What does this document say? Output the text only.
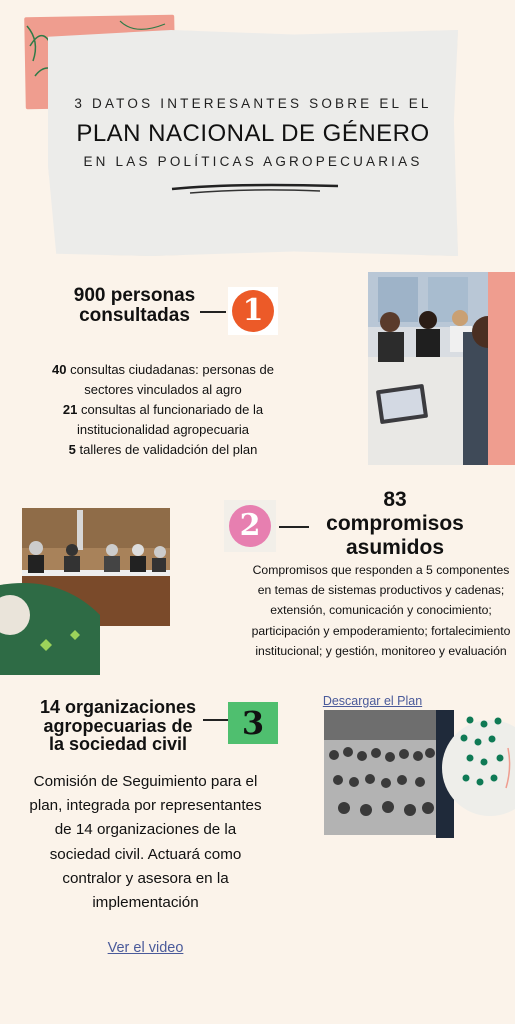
3 DATOS INTERESANTES SOBRE EL EL
PLAN NACIONAL DE GÉNERO
EN LAS POLÍTICAS AGROPECUARIAS
900 personas
consultadas	1
40 consultas ciudadanas: personas de sectores vinculados al agro
21 consultas al funcionariado de la institucionalidad agropecuaria
5 talleres de validadción del plan
2
83
compromisos
asumidos
Compromisos que responden a 5 componentes en temas de sistemas productivos y cadenas; extensión, comunicación y conocimiento; participación y empoderamiento; fortalecimiento institucional; y gestión, monitoreo y evaluación
Descargar el Plan
14 organizaciones
agropecuarias de
la sociedad civil
3
Comisión de Seguimiento para el plan, integrada por representantes de 14 organizaciones de la sociedad civil. Actuará como contralor y asesora en la implementación
Ver el video
